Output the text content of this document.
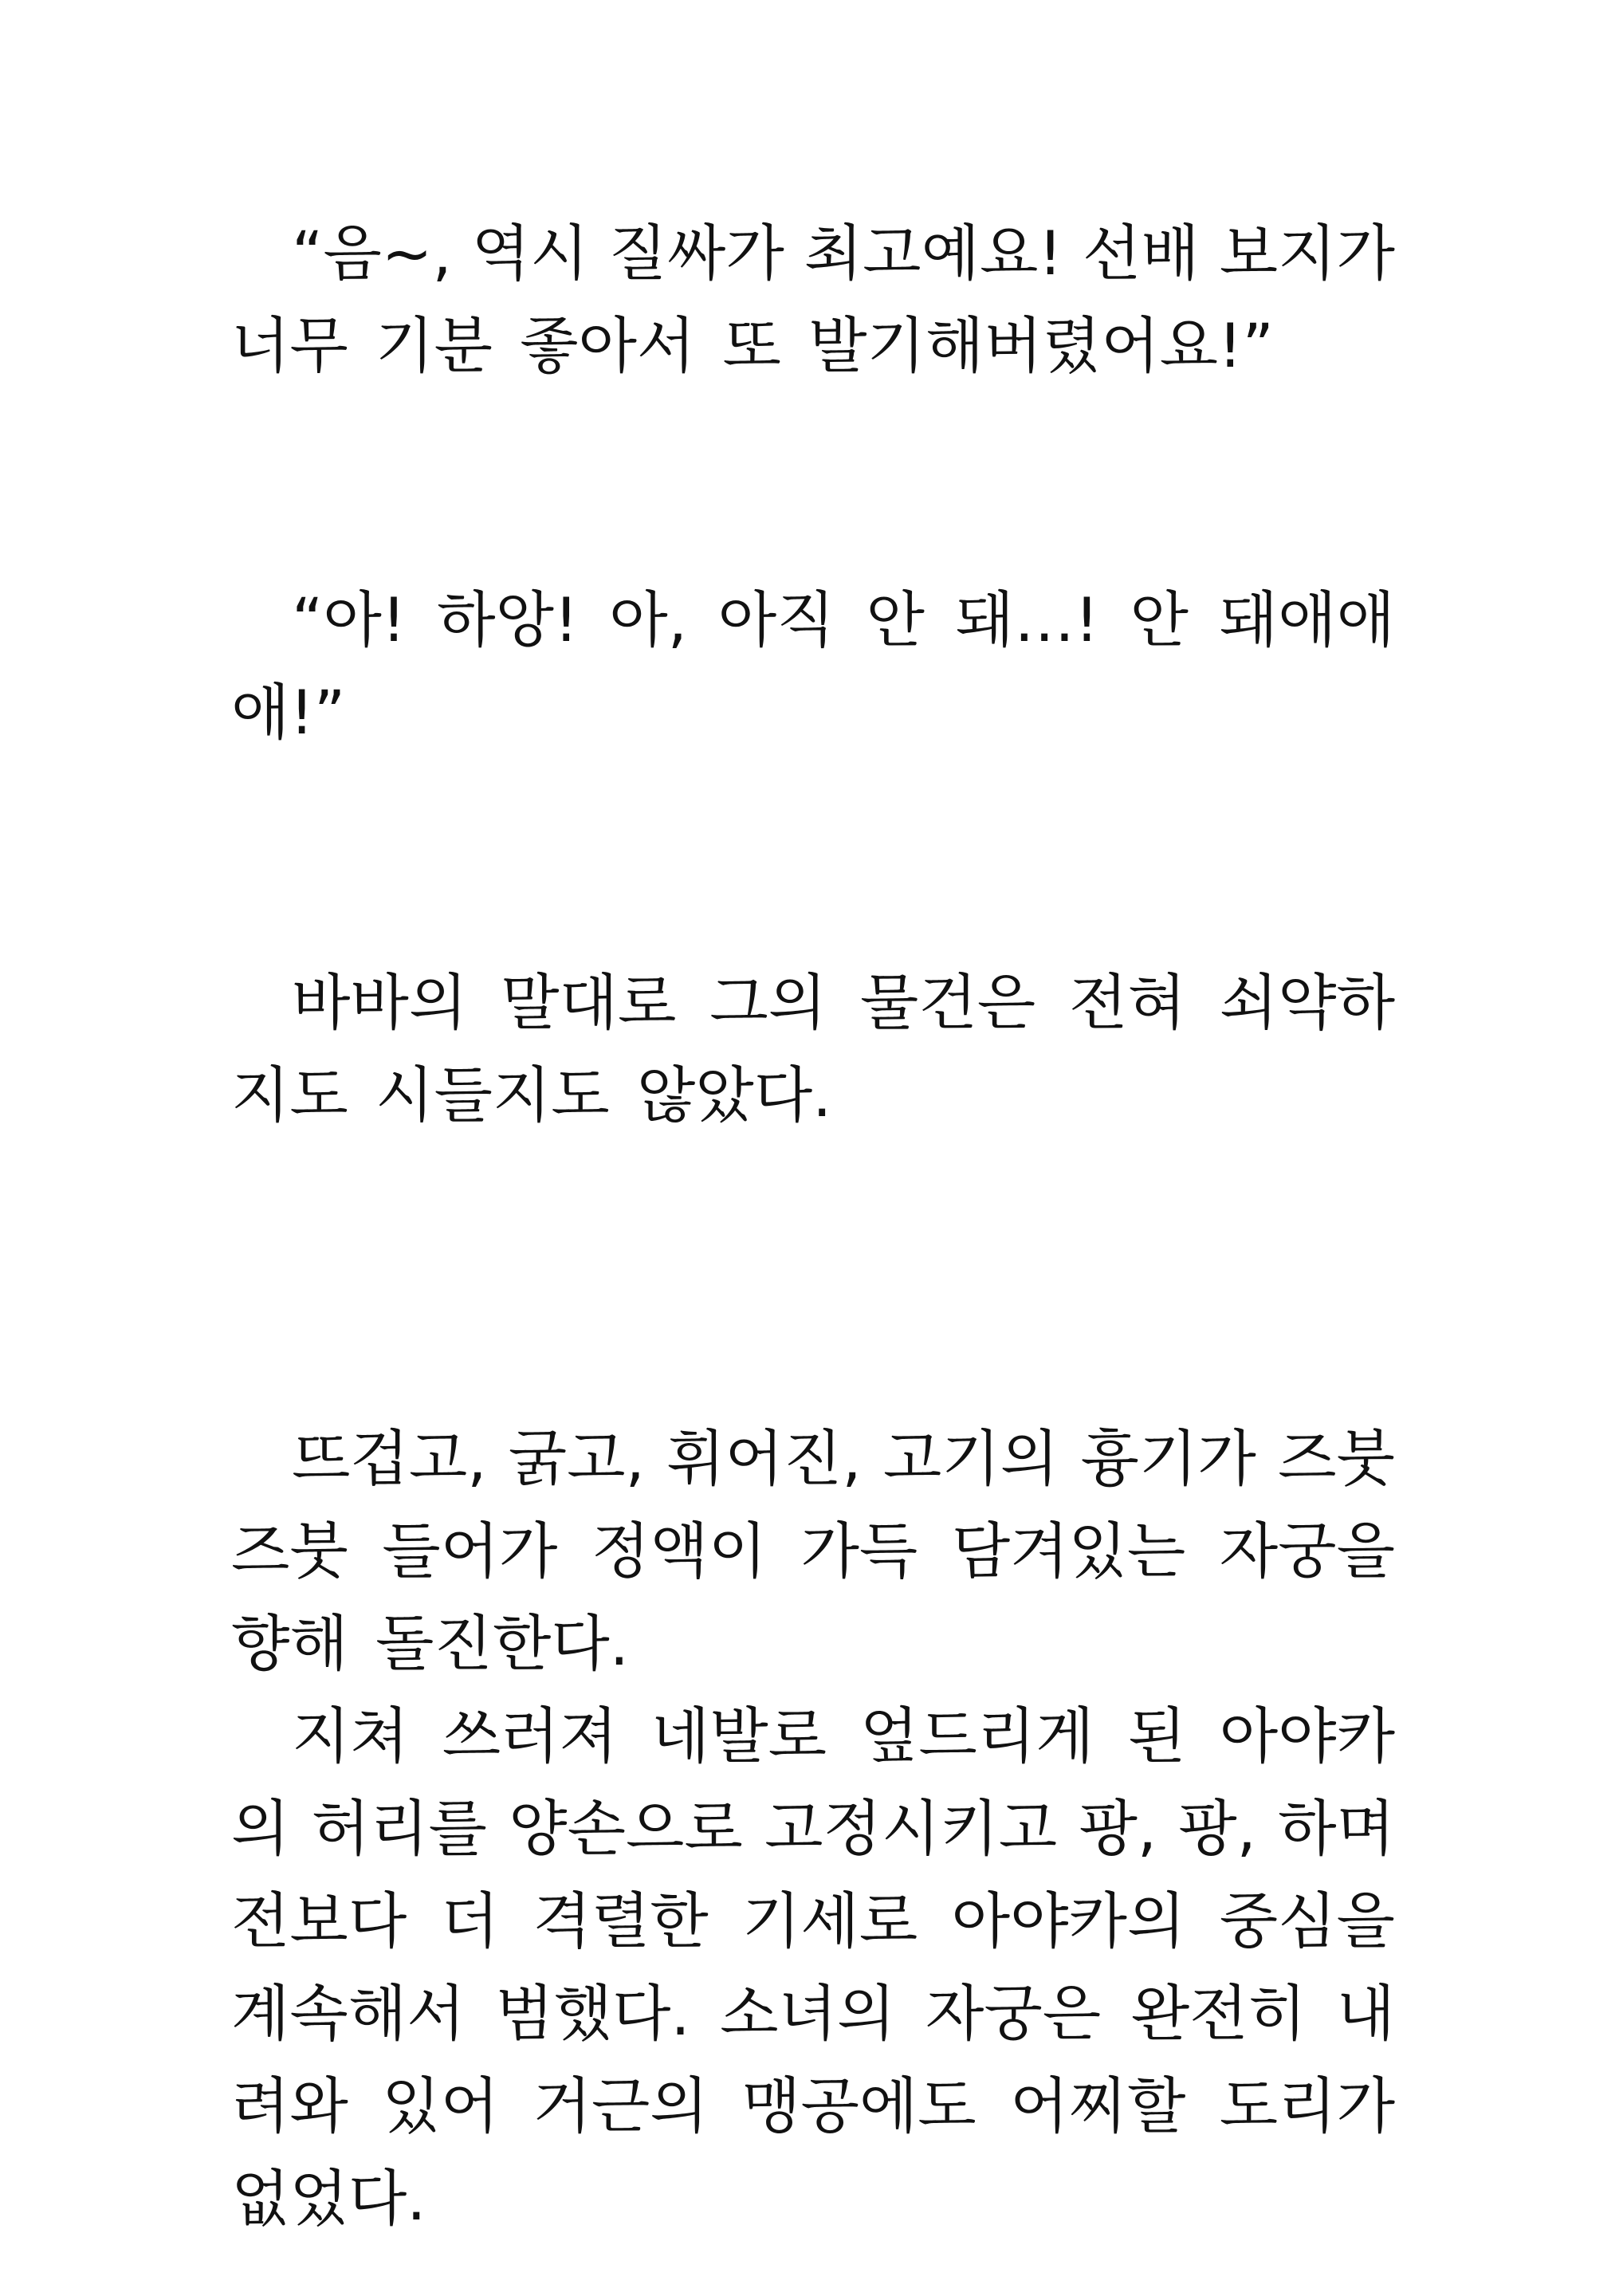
“음~, 역시 질싸가 최고예요! 선배 보지가
너무 기분 좋아서 또 발기해버렸어요!”
“아! 하앙! 아, 아직 안 돼…! 안 돼애애
애!”
바바의 말대로 그의 물건은 전혀 쇠약하
지도 시들지도 않았다.
뜨겁고, 굵고, 휘어진, 고기의 흉기가 즈붓
즈붓 들어가 정액이 가득 담겨있는 자궁을
향해 돌진한다.
지쳐 쓰러져 네발로 엎드리게 된 아야카
의 허리를 양손으로 고정시키고 팡, 팡, 하며
전보다 더 격렬한 기세로 아야카의 중심을
계속해서 범했다. 소녀의 자궁은 완전히 내
려와 있어 거근의 맹공에도 어찌할 도리가
없었다.
